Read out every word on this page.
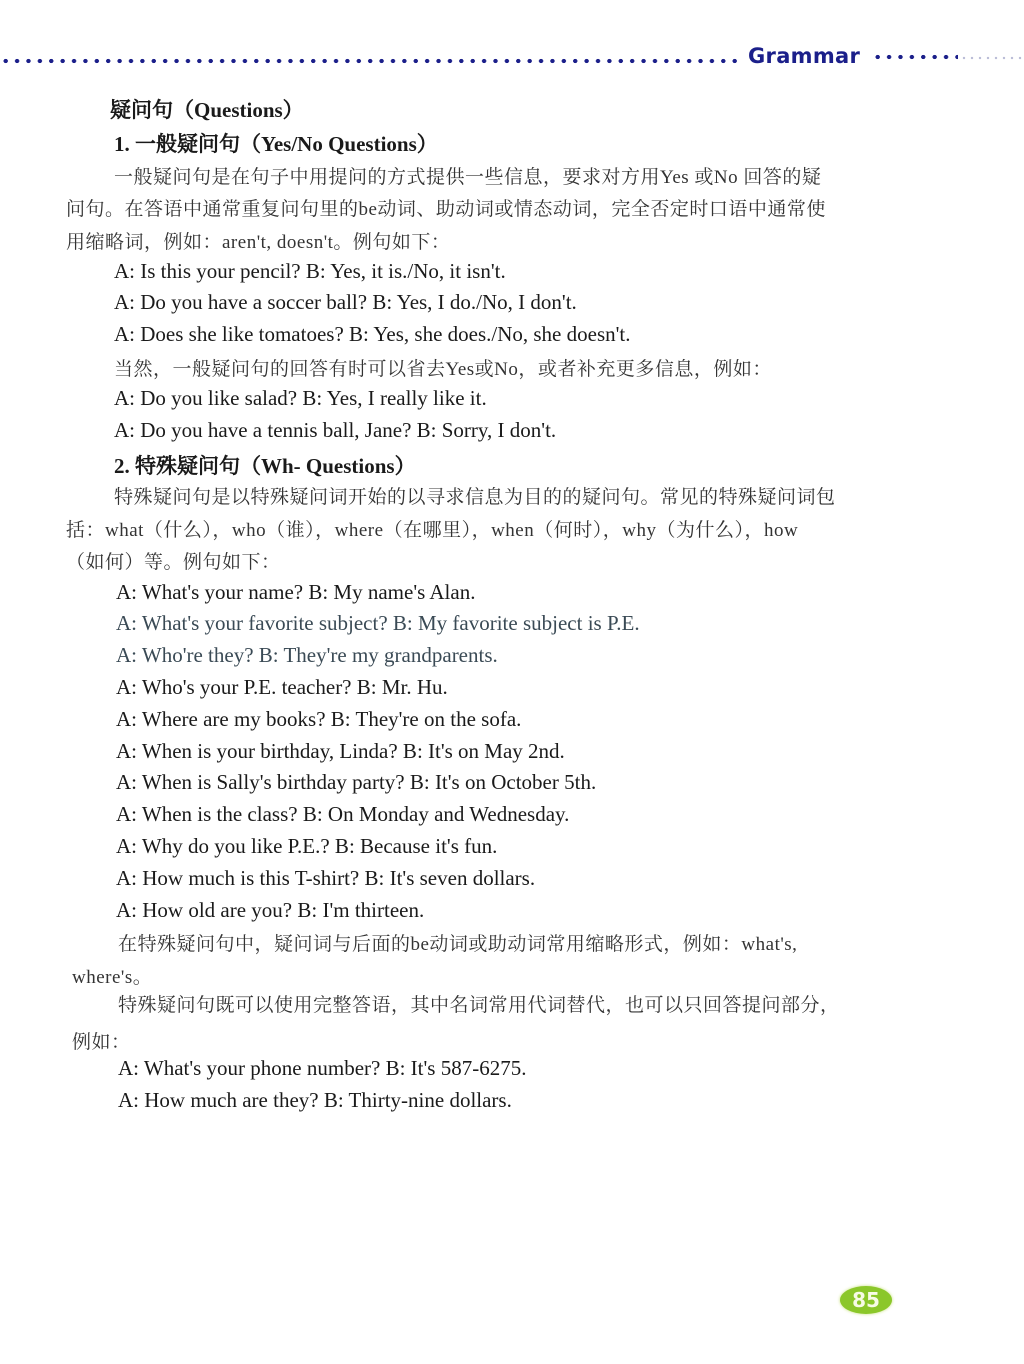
Grammar
疑问句（Questions）
1. 一般疑问句（Yes/No Questions）
一般疑问句是在句子中用提问的方式提供一些信息，要求对方用Yes 或No 回答的疑
问句。在答语中通常重复问句里的be动词、助动词或情态动词，完全否定时口语中通常使
用缩略词，例如：aren't, doesn't。例句如下：
A: Is this your pencil? B: Yes, it is./No, it isn't.
A: Do you have a soccer ball? B: Yes, I do./No, I don't.
A: Does she like tomatoes? B: Yes, she does./No, she doesn't.
当然，一般疑问句的回答有时可以省去Yes或No，或者补充更多信息，例如：
A: Do you like salad? B: Yes, I really like it.
A: Do you have a tennis ball, Jane? B: Sorry, I don't.
2. 特殊疑问句（Wh- Questions）
特殊疑问句是以特殊疑问词开始的以寻求信息为目的的疑问句。常见的特殊疑问词包
括：what（什么），who（谁），where（在哪里），when（何时），why（为什么），how
（如何）等。例句如下：
A: What's your name? B: My name's Alan.
A: What's your favorite subject? B: My favorite subject is P.E.
A: Who're they? B: They're my grandparents.
A: Who's your P.E. teacher? B: Mr. Hu.
A: Where are my books? B: They're on the sofa.
A: When is your birthday, Linda? B: It's on May 2nd.
A: When is Sally's birthday party? B: It's on October 5th.
A: When is the class? B: On Monday and Wednesday.
A: Why do you like P.E.? B: Because it's fun.
A: How much is this T-shirt? B: It's seven dollars.
A: How old are you? B: I'm thirteen.
在特殊疑问句中，疑问词与后面的be动词或助动词常用缩略形式，例如：what's,
where's。
特殊疑问句既可以使用完整答语，其中名词常用代词替代，也可以只回答提问部分，
例如：
A: What's your phone number? B: It's 587-6275.
A: How much are they? B: Thirty-nine dollars.
85
